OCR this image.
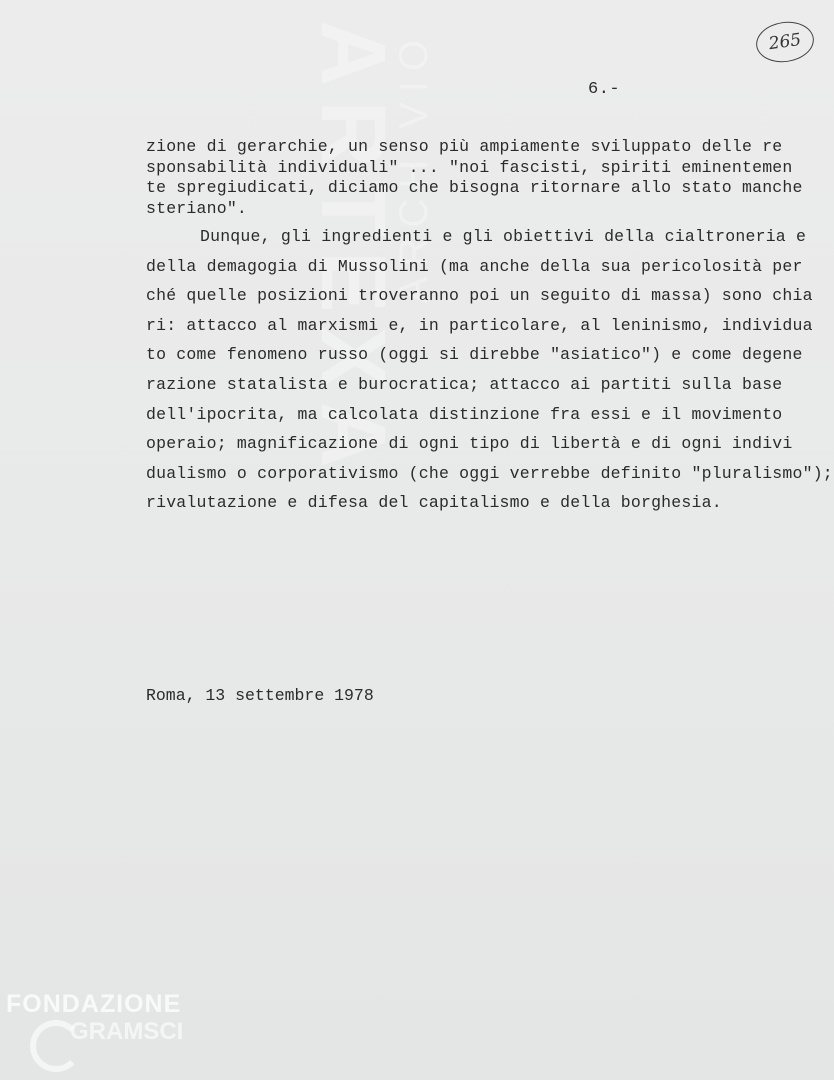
ARTEXA
ARCHIVIO	265
6.-
zione di gerarchie, un senso più ampiamente sviluppato delle re
sponsabilità individuali" ... "noi fascisti, spiriti eminentemen
te spregiudicati, diciamo che bisogna ritornare allo stato manche
steriano".
Dunque, gli ingredienti e gli obiettivi della cialtroneria e
della demagogia di Mussolini (ma anche della sua pericolosità per
ché quelle posizioni troveranno poi un seguito di massa) sono chia
ri: attacco al marxismi e, in particolare, al leninismo, individua
to come fenomeno russo (oggi si direbbe "asiatico") e come degene
razione statalista e burocratica; attacco ai partiti sulla base
dell'ipocrita, ma calcolata distinzione fra essi e il movimento
operaio; magnificazione di ogni tipo di libertà e di ogni indivi
dualismo o corporativismo (che oggi verrebbe definito "pluralismo");
rivalutazione e difesa del capitalismo e della borghesia.
Roma, 13 settembre 1978
FONDAZIONE
GRAMSCI
